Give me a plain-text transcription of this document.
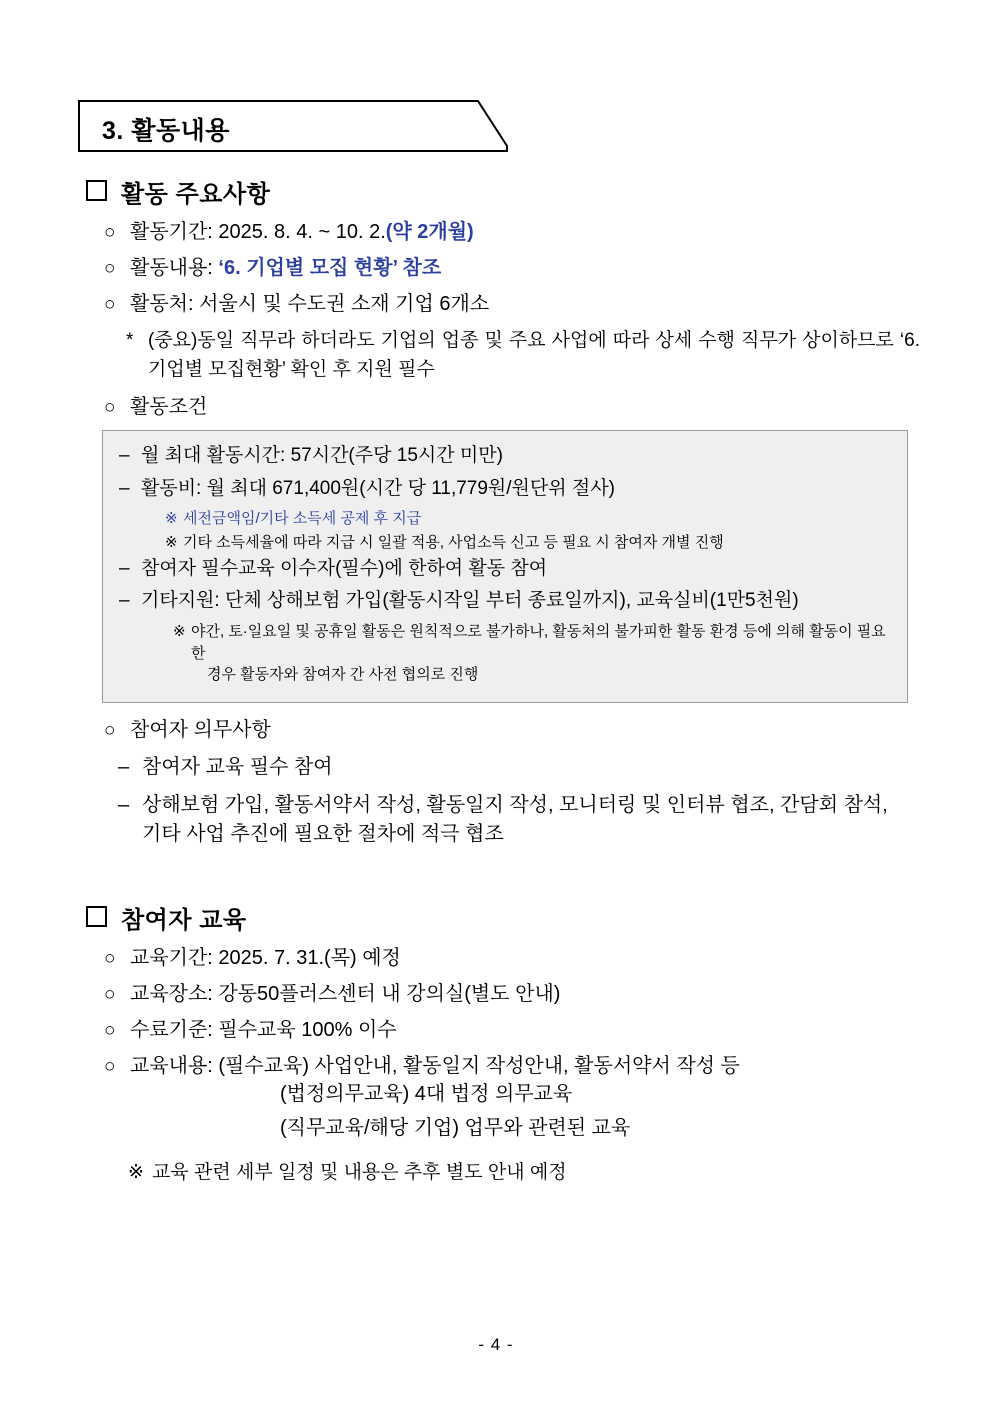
3. 활동내용
활동 주요사항
○ 활동기간: 2025. 8. 4. ~ 10. 2.(약 2개월)
○ 활동내용: ‘6. 기업별 모집 현황’ 참조
○ 활동처: 서울시 및 수도권 소재 기업 6개소
* (중요)동일 직무라 하더라도 기업의 업종 및 주요 사업에 따라 상세 수행 직무가 상이하므로 ‘6. 기업별 모집현황’ 확인 후 지원 필수
○ 활동조건
– 월 최대 활동시간: 57시간(주당 15시간 미만)
– 활동비: 월 최대 671,400원(시간 당 11,779원/원단위 절사)
※ 세전금액임/기타 소득세 공제 후 지급
※ 기타 소득세율에 따라 지급 시 일괄 적용, 사업소득 신고 등 필요 시 참여자 개별 진행
– 참여자 필수교육 이수자(필수)에 한하여 활동 참여
– 기타지원: 단체 상해보험 가입(활동시작일 부터 종료일까지), 교육실비(1만5천원)
※ 야간, 토·일요일 및 공휴일 활동은 원칙적으로 불가하나, 활동처의 불가피한 활동 환경 등에 의해 활동이 필요한
경우 활동자와 참여자 간 사전 협의로 진행
○ 참여자 의무사항
– 참여자 교육 필수 참여
– 상해보험 가입, 활동서약서 작성, 활동일지 작성, 모니터링 및 인터뷰 협조, 간담회 참석, 기타 사업 추진에 필요한 절차에 적극 협조
참여자 교육
○ 교육기간: 2025. 7. 31.(목) 예정
○ 교육장소: 강동50플러스센터 내 강의실(별도 안내)
○ 수료기준: 필수교육 100% 이수
○ 교육내용: (필수교육) 사업안내, 활동일지 작성안내, 활동서약서 작성 등
(법정의무교육) 4대 법정 의무교육
(직무교육/해당 기업) 업무와 관련된 교육
※ 교육 관련 세부 일정 및 내용은 추후 별도 안내 예정
- 4 -
